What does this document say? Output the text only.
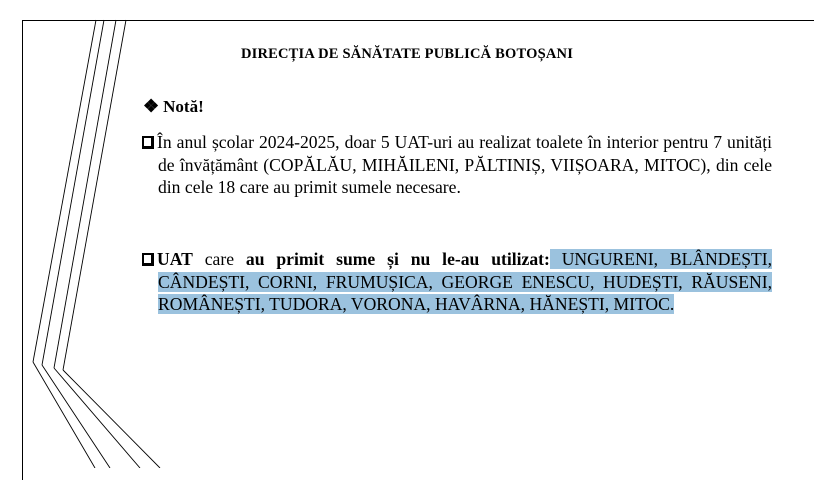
DIRECȚIA DE SĂNĂTATE PUBLICĂ BOTOȘANI
❖ Notă!
În anul școlar 2024-2025, doar 5 UAT-uri au realizat toalete în interior pentru 7 unități de învățământ (COPĂLĂU, MIHĂILENI, PĂLTINIȘ, VIIȘOARA, MITOC), din cele din cele 18 care au primit sumele necesare.
UAT care au primit sume și nu le-au utilizat: UNGURENI, BLÂNDEȘTI, CÂNDEȘTI, CORNI, FRUMUȘICA, GEORGE ENESCU, HUDEȘTI, RĂUSENI, ROMÂNEȘTI, TUDORA, VORONA, HAVÂRNA, HĂNEȘTI, MITOC.
